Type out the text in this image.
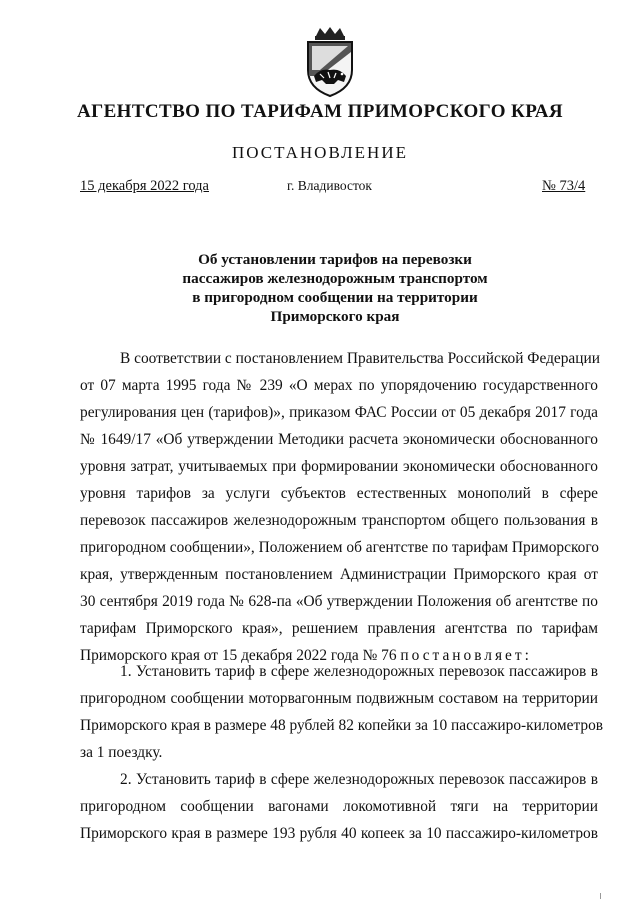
АГЕНТСТВО ПО ТАРИФАМ ПРИМОРСКОГО КРАЯ
ПОСТАНОВЛЕНИЕ
15 декабря 2022 года	г. Владивосток	№ 73/4
Об установлении тарифов на перевозки
пассажиров железнодорожным транспортом
в пригородном сообщении на территории
Приморского края
В соответствии с постановлением Правительства Российской Федерации
от 07 марта 1995 года № 239 «О мерах по упорядочению государственного
регулирования цен (тарифов)», приказом ФАС России от 05 декабря 2017 года
№ 1649/17 «Об утверждении Методики расчета экономически обоснованного
уровня затрат, учитываемых при формировании экономически обоснованного
уровня тарифов за услуги субъектов естественных монополий в сфере
перевозок пассажиров железнодорожным транспортом общего пользования в
пригородном сообщении», Положением об агентстве по тарифам Приморского
края, утвержденным постановлением Администрации Приморского края от
30 сентября 2019 года № 628-па «Об утверждении Положения об агентстве по
тарифам Приморского края», решением правления агентства по тарифам
Приморского края от 15 декабря 2022 года № 76 постановляет:
1. Установить тариф в сфере железнодорожных перевозок пассажиров в
пригородном сообщении моторвагонным подвижным составом на территории
Приморского края в размере 48 рублей 82 копейки за 10 пассажиро-километров
за 1 поездку.
2. Установить тариф в сфере железнодорожных перевозок пассажиров в
пригородном сообщении вагонами локомотивной тяги на территории
Приморского края в размере 193 рубля 40 копеек за 10 пассажиро-километров
